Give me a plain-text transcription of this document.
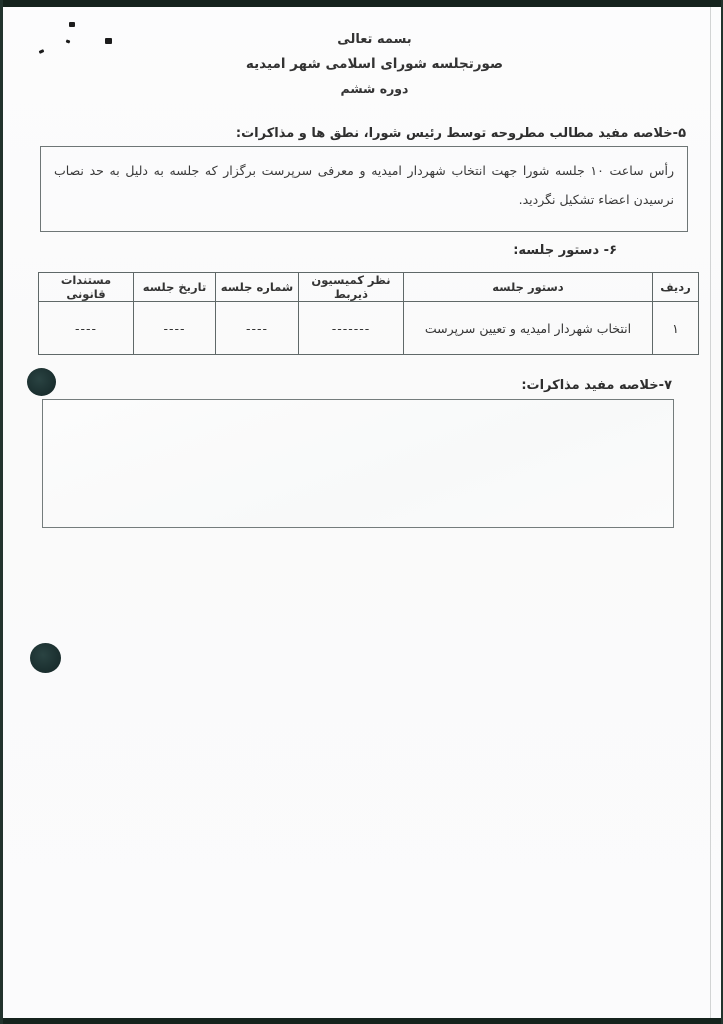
بسمه تعالی
صورتجلسه شورای اسلامی شهر امیدیه
دوره ششم
۵-خلاصه مفید مطالب مطروحه توسط رئیس شورا، نطق ها و مذاکرات:
رأس ساعت ۱۰ جلسه شورا جهت انتخاب شهردار امیدیه و معرفی سرپرست برگزار که جلسه به دلیل به حد نصاب نرسیدن اعضاء تشکیل نگردید.
۶- دستور جلسه:
ردیف	دستور جلسه	نظر کمیسیون ذیربط	شماره جلسه	تاریخ جلسه	مستندات قانونی
۱	انتخاب شهردار امیدیه و تعیین سرپرست	-------	----	----	----
۷-خلاصه مفید مذاکرات:
